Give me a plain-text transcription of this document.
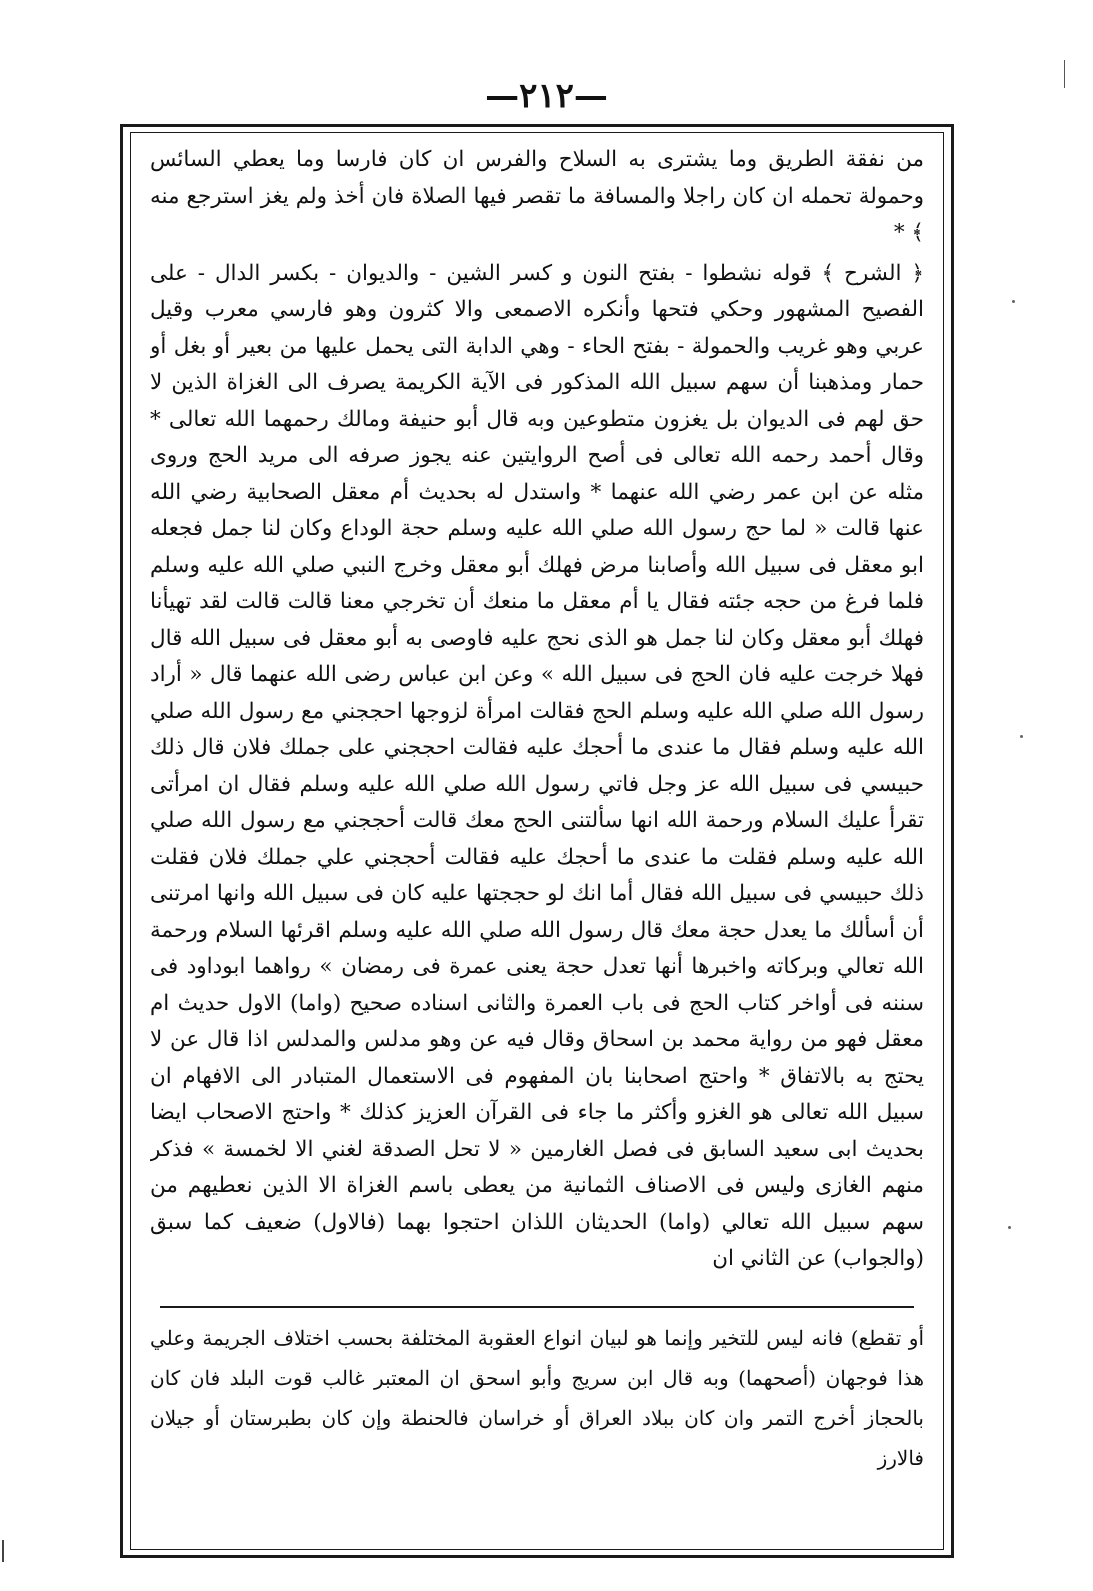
—٢١٢—

من نفقة الطريق وما يشترى به السلاح والفرس ان كان فارسا وما يعطي السائس وحمولة تحمله ان كان راجلا والمسافة ما تقصر فيها الصلاة فان أخذ ولم يغز استرجع منه ﴾ *

﴿ الشرح ﴾ قوله نشطوا - بفتح النون و كسر الشين - والديوان - بكسر الدال - على الفصيح المشهور وحكي فتحها وأنكره الاصمعى والا كثرون وهو فارسي معرب وقيل عربي وهو غريب والحمولة - بفتح الحاء - وهي الدابة التى يحمل عليها من بعير أو بغل أو حمار ومذهبنا أن سهم سبيل الله المذكور فى الآية الكريمة يصرف الى الغزاة الذين لا حق لهم فى الديوان بل يغزون متطوعين وبه قال أبو حنيفة ومالك رحمهما الله تعالى * وقال أحمد رحمه الله تعالى فى أصح الروايتين عنه يجوز صرفه الى مريد الحج وروى مثله عن ابن عمر رضي الله عنهما * واستدل له بحديث أم معقل الصحابية رضي الله عنها قالت « لما حج رسول الله صلي الله عليه وسلم حجة الوداع وكان لنا جمل فجعله ابو معقل فى سبيل الله وأصابنا مرض فهلك أبو معقل وخرج النبي صلي الله عليه وسلم فلما فرغ من حجه جئته فقال يا أم معقل ما منعك أن تخرجي معنا قالت قالت لقد تهيأنا فهلك أبو معقل وكان لنا جمل هو الذى نحج عليه فاوصى به أبو معقل فى سبيل الله قال فهلا خرجت عليه فان الحج فى سبيل الله » وعن ابن عباس رضى الله عنهما قال « أراد رسول الله صلي الله عليه وسلم الحج فقالت امرأة لزوجها احججني مع رسول الله صلي الله عليه وسلم فقال ما عندى ما أحجك عليه فقالت احججني على جملك فلان قال ذلك حبيسي فى سبيل الله عز وجل فاتي رسول الله صلي الله عليه وسلم فقال ان امرأتى تقرأ عليك السلام ورحمة الله انها سألتنى الحج معك قالت أحججني مع رسول الله صلي الله عليه وسلم فقلت ما عندى ما أحجك عليه فقالت أحججني علي جملك فلان فقلت ذلك حبيسي فى سبيل الله فقال أما انك لو حججتها عليه كان فى سبيل الله وانها امرتنى أن أسألك ما يعدل حجة معك قال رسول الله صلي الله عليه وسلم اقرئها السلام ورحمة الله تعالي وبركاته واخبرها أنها تعدل حجة يعنى عمرة فى رمضان » رواهما ابوداود فى سننه فى أواخر كتاب الحج فى باب العمرة والثانى اسناده صحيح (واما) الاول حديث ام معقل فهو من رواية محمد بن اسحاق وقال فيه عن وهو مدلس والمدلس اذا قال عن لا يحتج به بالاتفاق * واحتج اصحابنا بان المفهوم فى الاستعمال المتبادر الى الافهام ان سبيل الله تعالى هو الغزو وأكثر ما جاء فى القرآن العزيز كذلك * واحتج الاصحاب ايضا بحديث ابى سعيد السابق فى فصل الغارمين « لا تحل الصدقة لغني الا لخمسة » فذكر منهم الغازى وليس فى الاصناف الثمانية من يعطى باسم الغزاة الا الذين نعطيهم من سهم سبيل الله تعالي (واما) الحديثان اللذان احتجوا بهما (فالاول) ضعيف كما سبق (والجواب) عن الثاني ان

أو تقطع) فانه ليس للتخير وإنما هو لبيان انواع العقوبة المختلفة بحسب اختلاف الجريمة وعلي هذا فوجهان (أصحهما) وبه قال ابن سريج وأبو اسحق ان المعتبر غالب قوت البلد فان كان بالحجاز أخرج التمر وان كان ببلاد العراق أو خراسان فالحنطة وإن كان بطبرستان أو جيلان فالارز
